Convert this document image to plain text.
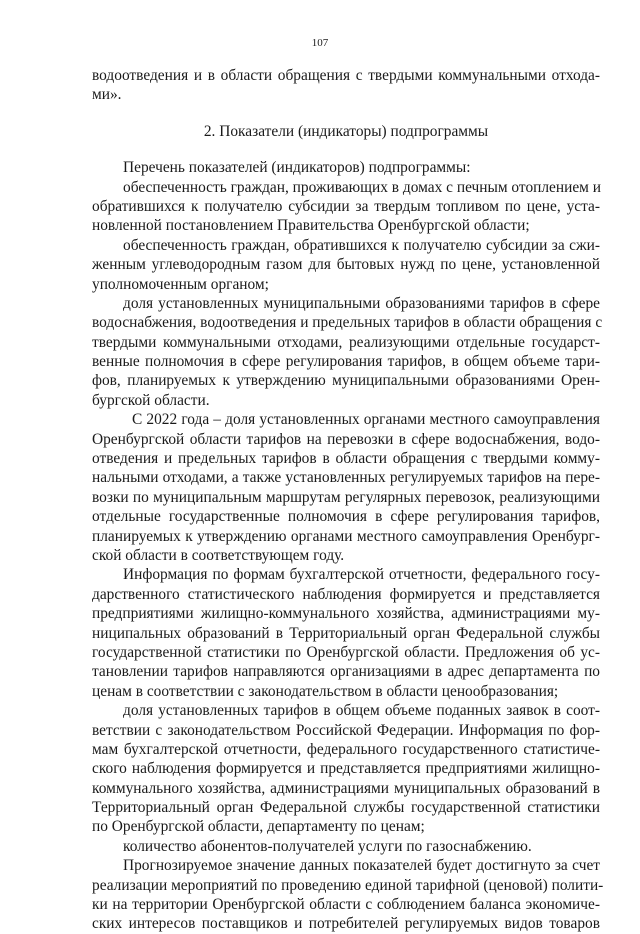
107
водоотведения и в области обращения с твердыми коммунальными отхода-
ми».
2. Показатели (индикаторы) подпрограммы
Перечень показателей (индикаторов) подпрограммы:
обеспеченность граждан, проживающих в домах с печным отоплением и
обратившихся к получателю субсидии за твердым топливом по цене, уста-
новленной постановлением Правительства Оренбургской области;
обеспеченность граждан, обратившихся к получателю субсидии за сжи-
женным углеводородным газом для бытовых нужд по цене, установленной
уполномоченным органом;
доля установленных муниципальными образованиями тарифов в сфере
водоснабжения, водоотведения и предельных тарифов в области обращения с
твердыми коммунальными отходами, реализующими отдельные государст-
венные полномочия в сфере регулирования тарифов, в общем объеме тари-
фов, планируемых к утверждению муниципальными образованиями Орен-
бургской области.
С 2022 года – доля установленных органами местного самоуправления
Оренбургской области тарифов на перевозки в сфере водоснабжения, водо-
отведения и предельных тарифов в области обращения с твердыми комму-
нальными отходами, а также установленных регулируемых тарифов на пере-
возки по муниципальным маршрутам регулярных перевозок, реализующими
отдельные государственные полномочия в сфере регулирования тарифов,
планируемых к утверждению органами местного самоуправления Оренбург-
ской области в соответствующем году.
Информация по формам бухгалтерской отчетности, федерального госу-
дарственного статистического наблюдения формируется и представляется
предприятиями жилищно-коммунального хозяйства, администрациями му-
ниципальных образований в Территориальный орган Федеральной службы
государственной статистики по Оренбургской области. Предложения об ус-
тановлении тарифов направляются организациями в адрес департамента по
ценам в соответствии с законодательством в области ценообразования;
доля установленных тарифов в общем объеме поданных заявок в соот-
ветствии с законодательством Российской Федерации. Информация по фор-
мам бухгалтерской отчетности, федерального государственного статистиче-
ского наблюдения формируется и представляется предприятиями жилищно-
коммунального хозяйства, администрациями муниципальных образований в
Территориальный орган Федеральной службы государственной статистики
по Оренбургской области, департаменту по ценам;
количество абонентов-получателей услуги по газоснабжению.
Прогнозируемое значение данных показателей будет достигнуто за счет
реализации мероприятий по проведению единой тарифной (ценовой) полити-
ки на территории Оренбургской области с соблюдением баланса экономиче-
ских интересов поставщиков и потребителей регулируемых видов товаров
